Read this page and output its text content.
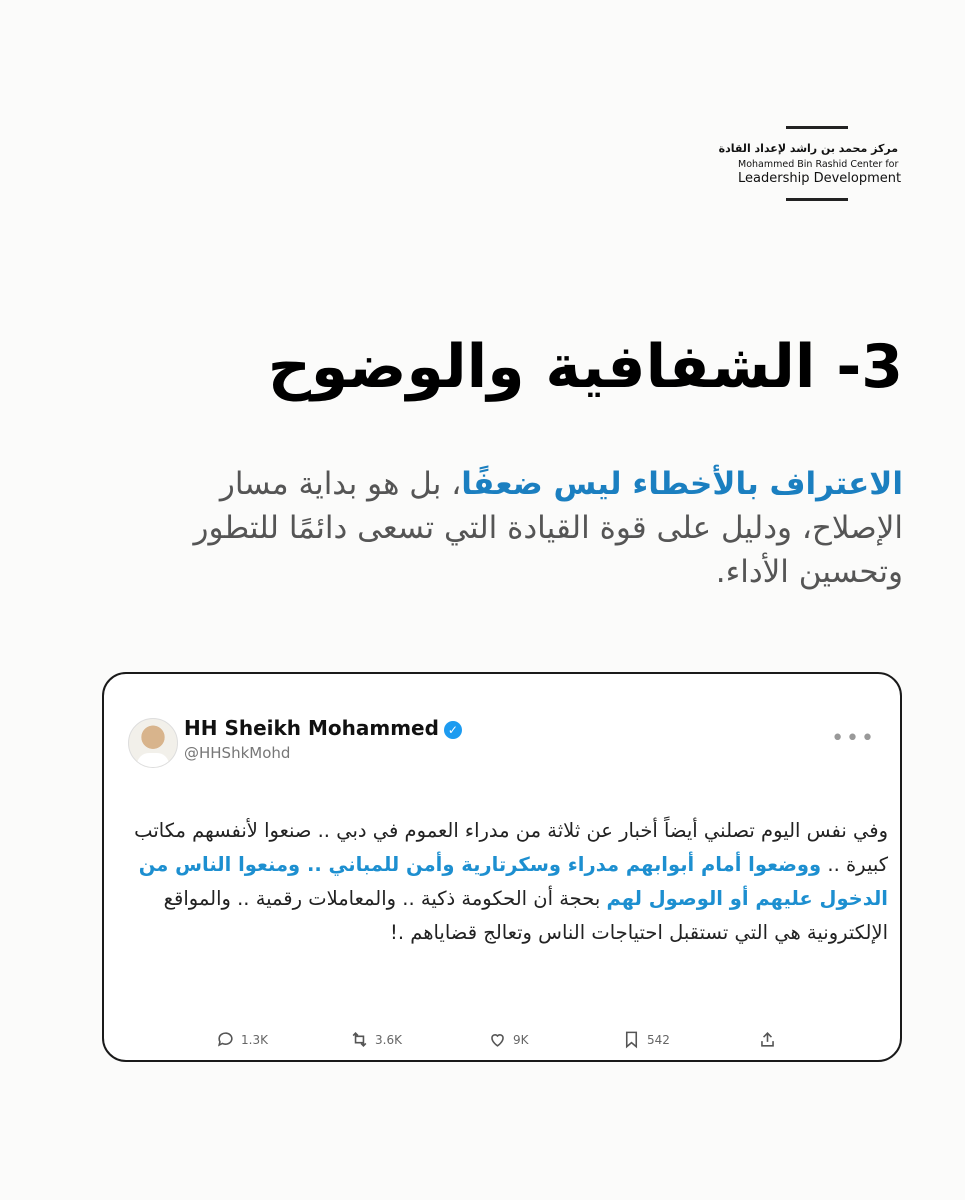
مركز محمد بن راشد لإعداد القادة
Mohammed Bin Rashid Center for
Leadership Development
3- الشفافية والوضوح
الاعتراف بالأخطاء ليس ضعفًا، بل هو بداية مسار الإصلاح، ودليل على قوة القيادة التي تسعى دائمًا للتطور وتحسين الأداء.
HH Sheikh Mohammed ✓
@HHShkMohd
•••
وفي نفس اليوم تصلني أيضاً أخبار عن ثلاثة من مدراء العموم في دبي .. صنعوا لأنفسهم مكاتب كبيرة .. ووضعوا أمام أبوابهم مدراء وسكرتارية وأمن للمباني .. ومنعوا الناس من الدخول عليهم أو الوصول لهم بحجة أن الحكومة ذكية .. والمعاملات رقمية .. والمواقع الإلكترونية هي التي تستقبل احتياجات الناس وتعالج قضاياهم .!
1.3K	3.6K	9K	542
